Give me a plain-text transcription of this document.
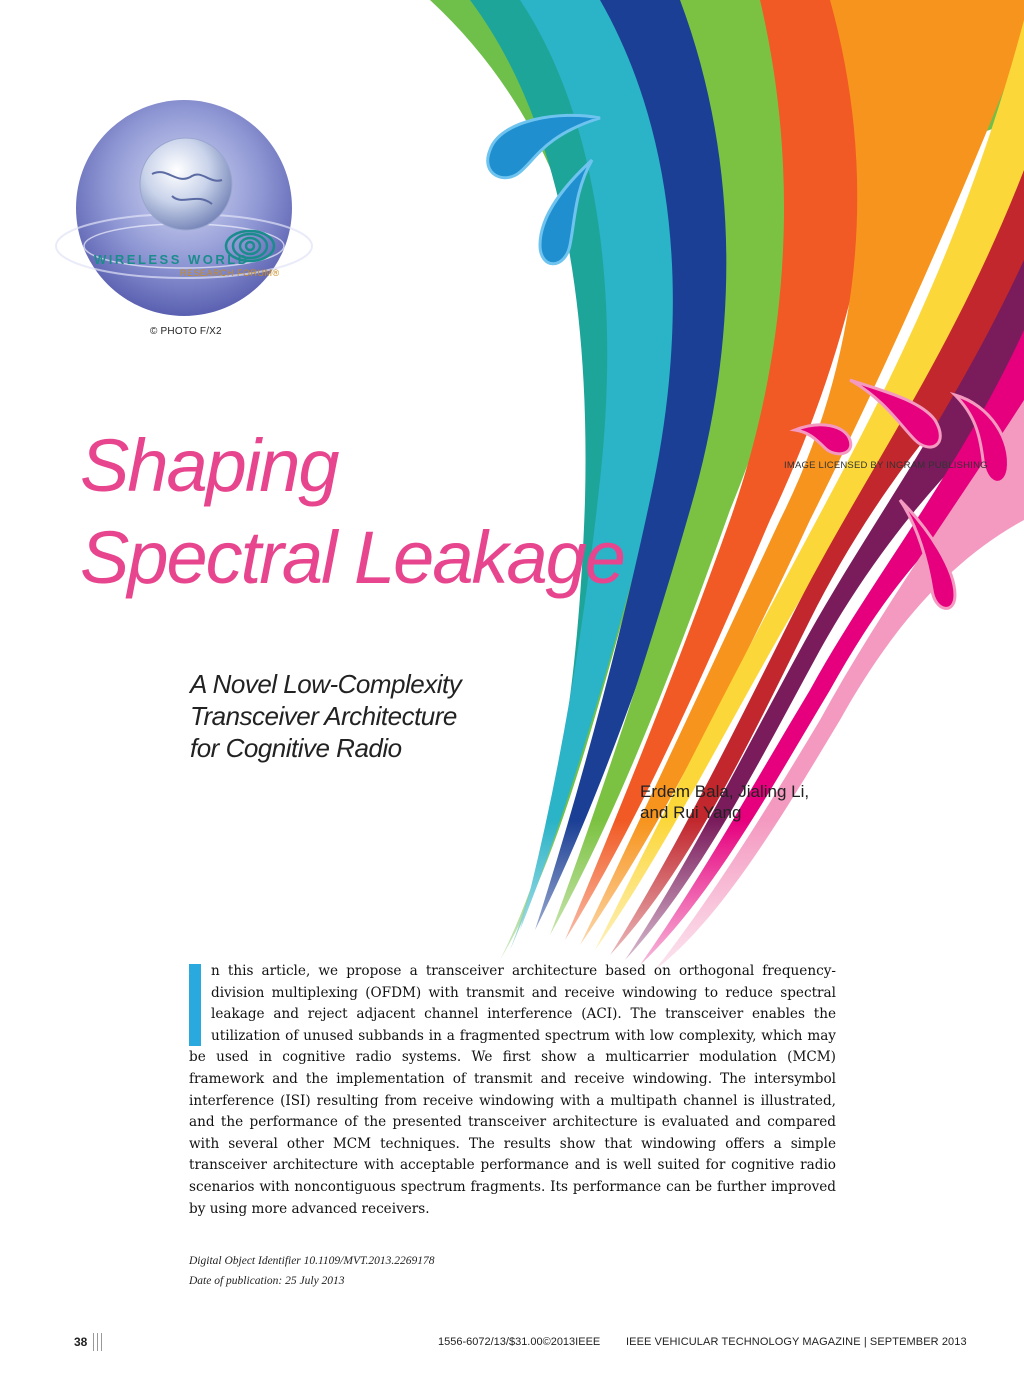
WIRELESS WORLD
RESEARCH FORUM®
© PHOTO F/X2
IMAGE LICENSED BY INGRAM PUBLISHING
Shaping
Spectral Leakage
A Novel Low-Complexity
Transceiver Architecture
for Cognitive Radio
Erdem Bala, Jialing Li,
and Rui Yang

I	n this article, we propose a transceiver architecture based on orthogonal frequency-division multiplexing (OFDM) with transmit and receive windowing to reduce spectral leakage and reject adjacent channel interference (ACI). The transceiver enables the utilization of unused subbands in a fragmented spectrum with low complexity, which may be used in cognitive radio systems. We first show a multicarrier modulation (MCM) framework and the implementation of transmit and receive windowing. The intersymbol interference (ISI) resulting from receive windowing with a multipath channel is illustrated, and the performance of the presented transceiver architecture is evaluated and compared with several other MCM techniques. The results show that windowing offers a simple transceiver architecture with acceptable performance and is well suited for cognitive radio scenarios with noncontiguous spectrum fragments. Its performance can be further improved by using more advanced receivers.

Digital Object Identifier 10.1109/MVT.2013.2269178
Date of publication: 25 July 2013
38	1556-6072/13/$31.00©2013IEEE IEEE VEHICULAR TECHNOLOGY MAGAZINE | SEPTEMBER 2013
